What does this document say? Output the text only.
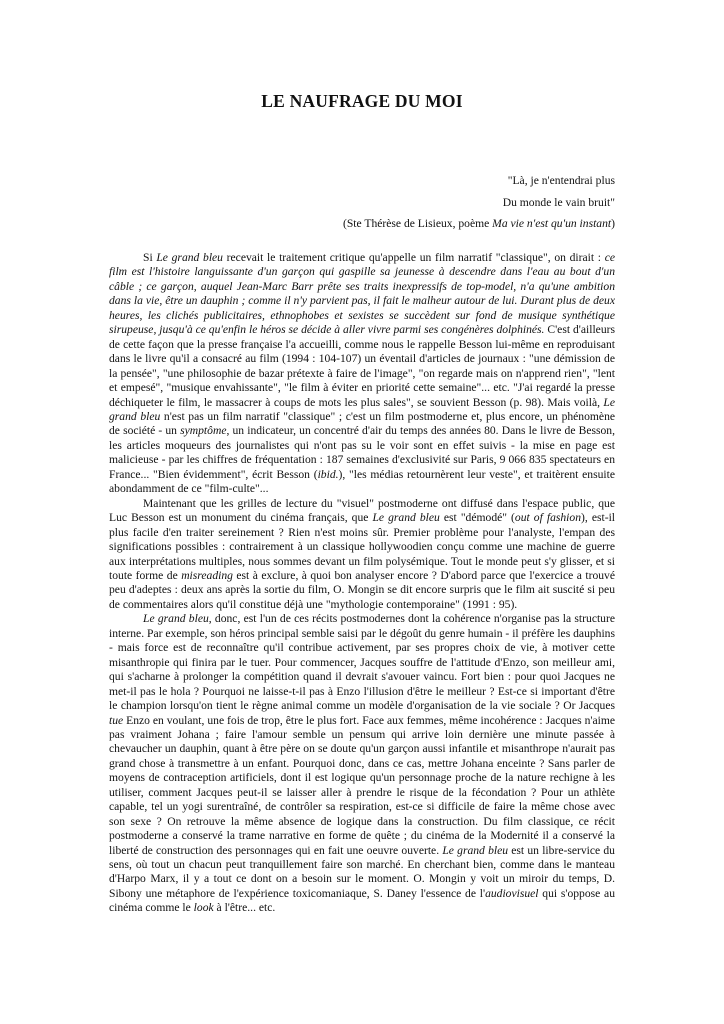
LE NAUFRAGE DU MOI
"Là, je n'entendrai plus
Du monde le vain bruit"
(Ste Thérèse de Lisieux, poème Ma vie n'est qu'un instant)

Si Le grand bleu recevait le traitement critique qu'appelle un film narratif "classique", on dirait : ce film est l'histoire languissante d'un garçon qui gaspille sa jeunesse à descendre dans l'eau au bout d'un câble ; ce garçon, auquel Jean-Marc Barr prête ses traits inexpressifs de top-model, n'a qu'une ambition dans la vie, être un dauphin ; comme il n'y parvient pas, il fait le malheur autour de lui. Durant plus de deux heures, les clichés publicitaires, ethnophobes et sexistes se succèdent sur fond de musique synthétique sirupeuse, jusqu'à ce qu'enfin le héros se décide à aller vivre parmi ses congénères dolphinés. C'est d'ailleurs de cette façon que la presse française l'a accueilli, comme nous le rappelle Besson lui-même en reproduisant dans le livre qu'il a consacré au film (1994 : 104-107) un éventail d'articles de journaux : "une démission de la pensée", "une philosophie de bazar prétexte à faire de l'image", "on regarde mais on n'apprend rien", "lent et empesé", "musique envahissante", "le film à éviter en priorité cette semaine"... etc. "J'ai regardé la presse déchiqueter le film, le massacrer à coups de mots les plus sales", se souvient Besson (p. 98). Mais voilà, Le grand bleu n'est pas un film narratif "classique" ; c'est un film postmoderne et, plus encore, un phénomène de société - un symptôme, un indicateur, un concentré d'air du temps des années 80. Dans le livre de Besson, les articles moqueurs des journalistes qui n'ont pas su le voir sont en effet suivis - la mise en page est malicieuse - par les chiffres de fréquentation : 187 semaines d'exclusivité sur Paris, 9 066 835 spectateurs en France... "Bien évidemment", écrit Besson (ibid.), "les médias retournèrent leur veste", et traitèrent ensuite abondamment de ce "film-culte"...

Maintenant que les grilles de lecture du "visuel" postmoderne ont diffusé dans l'espace public, que Luc Besson est un monument du cinéma français, que Le grand bleu est "démodé" (out of fashion), est-il plus facile d'en traiter sereinement ? Rien n'est moins sûr. Premier problème pour l'analyste, l'empan des significations possibles : contrairement à un classique hollywoodien conçu comme une machine de guerre aux interprétations multiples, nous sommes devant un film polysémique. Tout le monde peut s'y glisser, et si toute forme de misreading est à exclure, à quoi bon analyser encore ? D'abord parce que l'exercice a trouvé peu d'adeptes : deux ans après la sortie du film, O. Mongin se dit encore surpris que le film ait suscité si peu de commentaires alors qu'il constitue déjà une "mythologie contemporaine" (1991 : 95).

Le grand bleu, donc, est l'un de ces récits postmodernes dont la cohérence n'organise pas la structure interne. Par exemple, son héros principal semble saisi par le dégoût du genre humain - il préfère les dauphins - mais force est de reconnaître qu'il contribue activement, par ses propres choix de vie, à motiver cette misanthropie qui finira par le tuer. Pour commencer, Jacques souffre de l'attitude d'Enzo, son meilleur ami, qui s'acharne à prolonger la compétition quand il devrait s'avouer vaincu. Fort bien : pour quoi Jacques ne met-il pas le hola ? Pourquoi ne laisse-t-il pas à Enzo l'illusion d'être le meilleur ? Est-ce si important d'être le champion lorsqu'on tient le règne animal comme un modèle d'organisation de la vie sociale ? Or Jacques tue Enzo en voulant, une fois de trop, être le plus fort. Face aux femmes, même incohérence : Jacques n'aime pas vraiment Johana ; faire l'amour semble un pensum qui arrive loin dernière une minute passée à chevaucher un dauphin, quant à être père on se doute qu'un garçon aussi infantile et misanthrope n'aurait pas grand chose à transmettre à un enfant. Pourquoi donc, dans ce cas, mettre Johana enceinte ? Sans parler de moyens de contraception artificiels, dont il est logique qu'un personnage proche de la nature rechigne à les utiliser, comment Jacques peut-il se laisser aller à prendre le risque de la fécondation ? Pour un athlète capable, tel un yogi surentraîné, de contrôler sa respiration, est-ce si difficile de faire la même chose avec son sexe ? On retrouve la même absence de logique dans la construction. Du film classique, ce récit postmoderne a conservé la trame narrative en forme de quête ; du cinéma de la Modernité il a conservé la liberté de construction des personnages qui en fait une oeuvre ouverte. Le grand bleu est un libre-service du sens, où tout un chacun peut tranquillement faire son marché. En cherchant bien, comme dans le manteau d'Harpo Marx, il y a tout ce dont on a besoin sur le moment. O. Mongin y voit un miroir du temps, D. Sibony une métaphore de l'expérience toxicomaniaque, S. Daney l'essence de l'audiovisuel qui s'oppose au cinéma comme le look à l'être... etc.
